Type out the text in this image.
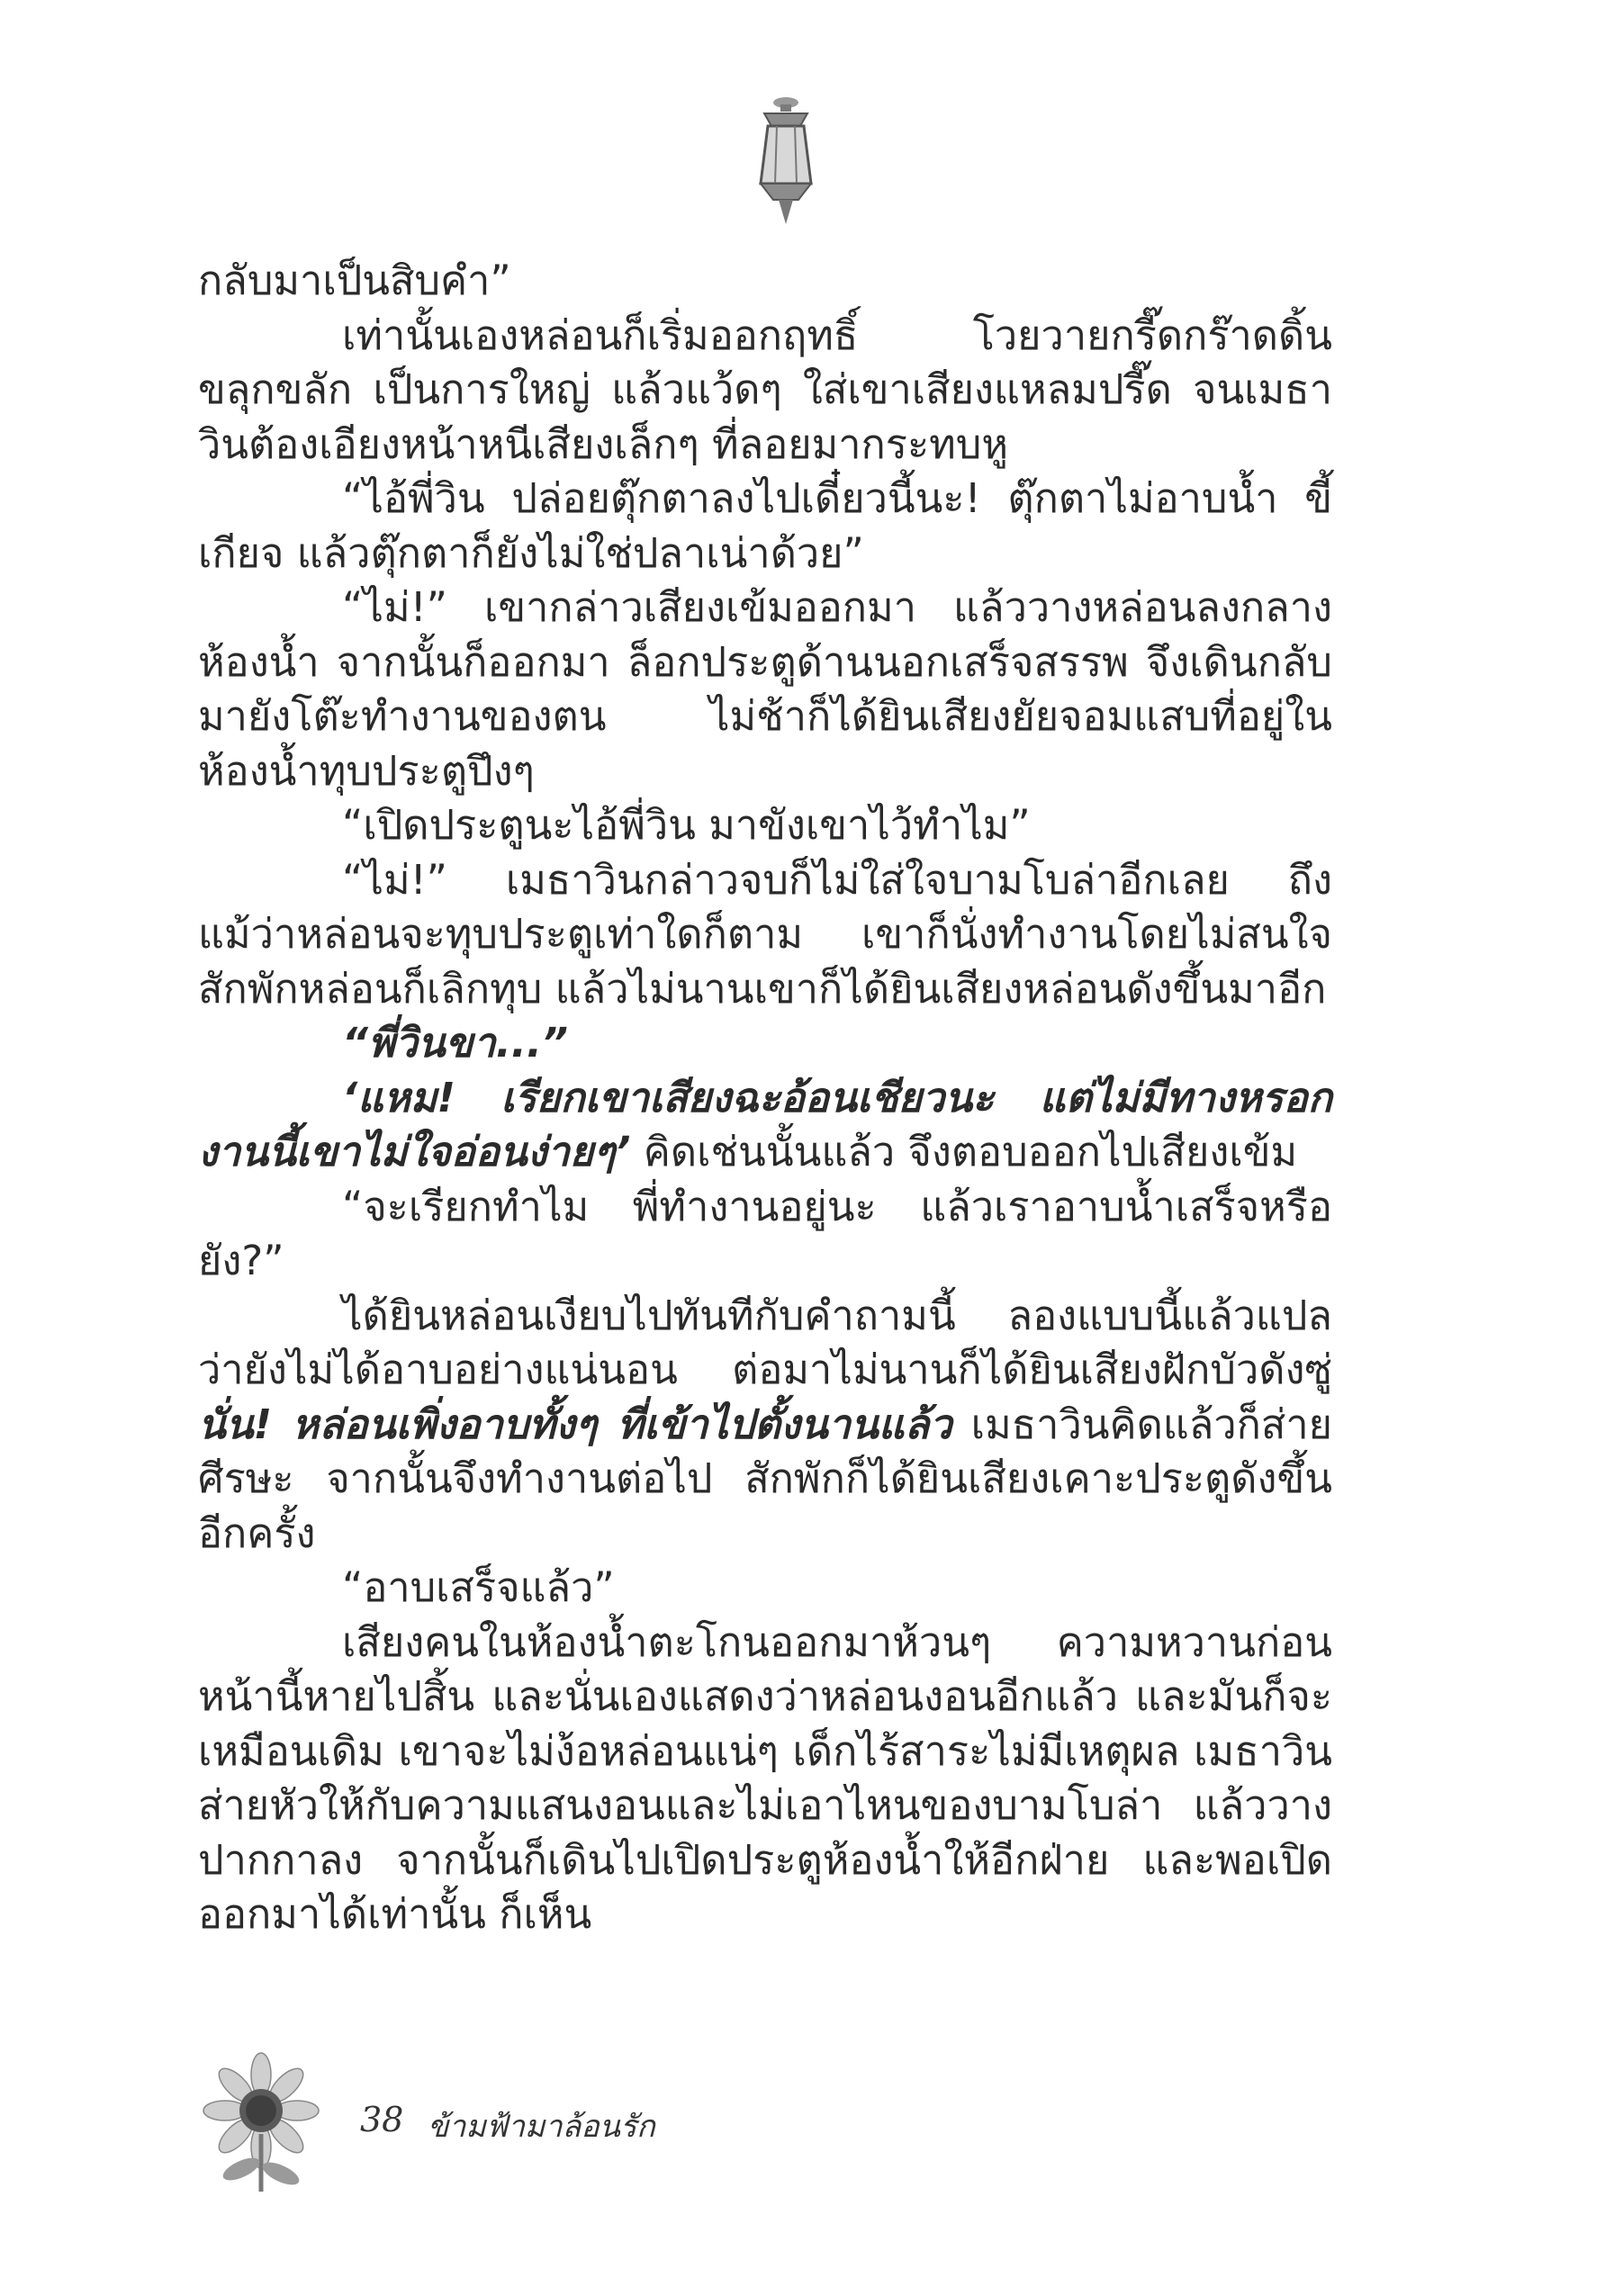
กลับมาเป็นสิบคำ”

เท่านั้นเองหล่อนก็เริ่มออกฤทธิ์ โวยวายกรี๊ดกร๊าดดิ้นขลุกขลัก เป็นการใหญ่ แล้วแว้ดๆ ใส่เขาเสียงแหลมปรี๊ด จนเมธาวินต้องเอียงหน้าหนีเสียงเล็กๆ ที่ลอยมากระทบหู

“ไอ้พี่วิน ปล่อยตุ๊กตาลงไปเดี๋ยวนี้นะ! ตุ๊กตาไม่อาบน้ำ ขี้เกียจ แล้วตุ๊กตาก็ยังไม่ใช่ปลาเน่าด้วย”

“ไม่!” เขากล่าวเสียงเข้มออกมา แล้ววางหล่อนลงกลางห้องน้ำ จากนั้นก็ออกมา ล็อกประตูด้านนอกเสร็จสรรพ จึงเดินกลับมายังโต๊ะทำงานของตน ไม่ช้าก็ได้ยินเสียงยัยจอมแสบที่อยู่ในห้องน้ำทุบประตูปึงๆ

“เปิดประตูนะไอ้พี่วิน มาขังเขาไว้ทำไม”

“ไม่!” เมธาวินกล่าวจบก็ไม่ใส่ใจบามโบล่าอีกเลย ถึงแม้ว่าหล่อนจะทุบประตูเท่าใดก็ตาม เขาก็นั่งทำงานโดยไม่สนใจ สักพักหล่อนก็เลิกทุบ แล้วไม่นานเขาก็ได้ยินเสียงหล่อนดังขึ้นมาอีก

“พี่วินขา...”

‘แหม! เรียกเขาเสียงฉะอ้อนเชียวนะ แต่ไม่มีทางหรอก งานนี้เขาไม่ใจอ่อนง่ายๆ’ คิดเช่นนั้นแล้ว จึงตอบออกไปเสียงเข้ม

“จะเรียกทำไม พี่ทำงานอยู่นะ แล้วเราอาบน้ำเสร็จหรือยัง?”

ได้ยินหล่อนเงียบไปทันทีกับคำถามนี้ ลองแบบนี้แล้วแปลว่ายังไม่ได้อาบอย่างแน่นอน ต่อมาไม่นานก็ได้ยินเสียงฝักบัวดังซู่ นั่น! หล่อนเพิ่งอาบทั้งๆ ที่เข้าไปตั้งนานแล้ว เมธาวินคิดแล้วก็ส่ายศีรษะ จากนั้นจึงทำงานต่อไป สักพักก็ได้ยินเสียงเคาะประตูดังขึ้นอีกครั้ง

“อาบเสร็จแล้ว”

เสียงคนในห้องน้ำตะโกนออกมาห้วนๆ ความหวานก่อนหน้านี้หายไปสิ้น และนั่นเองแสดงว่าหล่อนงอนอีกแล้ว และมันก็จะเหมือนเดิม เขาจะไม่ง้อหล่อนแน่ๆ เด็กไร้สาระไม่มีเหตุผล เมธาวินส่ายหัวให้กับความแสนงอนและไม่เอาไหนของบามโบล่า แล้ววางปากกาลง จากนั้นก็เดินไปเปิดประตูห้องน้ำให้อีกฝ่าย และพอเปิดออกมาได้เท่านั้น ก็เห็น

38 ข้ามฟ้ามาล้อนรัก
